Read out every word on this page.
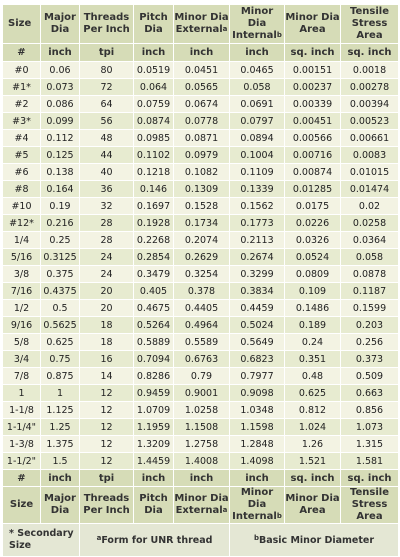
Size	Major Dia	Threads Per Inch	Pitch Dia	Minor Dia External$^a$	Minor Dia Internal$^b$	Minor Dia Area	Tensile Stress Area
#	inch	tpi	inch	inch	inch	sq. inch	sq. inch
#0	0.06	80	0.0519	0.0451	0.0465	0.00151	0.0018
#1*	0.073	72	0.064	0.0565	0.058	0.00237	0.00278
#2	0.086	64	0.0759	0.0674	0.0691	0.00339	0.00394
#3*	0.099	56	0.0874	0.0778	0.0797	0.00451	0.00523
#4	0.112	48	0.0985	0.0871	0.0894	0.00566	0.00661
#5	0.125	44	0.1102	0.0979	0.1004	0.00716	0.0083
#6	0.138	40	0.1218	0.1082	0.1109	0.00874	0.01015
#8	0.164	36	0.146	0.1309	0.1339	0.01285	0.01474
#10	0.19	32	0.1697	0.1528	0.1562	0.0175	0.02
#12*	0.216	28	0.1928	0.1734	0.1773	0.0226	0.0258
1/4	0.25	28	0.2268	0.2074	0.2113	0.0326	0.0364
5/16	0.3125	24	0.2854	0.2629	0.2674	0.0524	0.058
3/8	0.375	24	0.3479	0.3254	0.3299	0.0809	0.0878
7/16	0.4375	20	0.405	0.378	0.3834	0.109	0.1187
1/2	0.5	20	0.4675	0.4405	0.4459	0.1486	0.1599
9/16	0.5625	18	0.5264	0.4964	0.5024	0.189	0.203
5/8	0.625	18	0.5889	0.5589	0.5649	0.24	0.256
3/4	0.75	16	0.7094	0.6763	0.6823	0.351	0.373
7/8	0.875	14	0.8286	0.79	0.7977	0.48	0.509
1	1	12	0.9459	0.9001	0.9098	0.625	0.663
1-1/8	1.125	12	1.0709	1.0258	1.0348	0.812	0.856
1-1/4"	1.25	12	1.1959	1.1508	1.1598	1.024	1.073
1-3/8	1.375	12	1.3209	1.2758	1.2848	1.26	1.315
1-1/2"	1.5	12	1.4459	1.4008	1.4098	1.521	1.581
#	inch	tpi	inch	inch	inch	sq. inch	sq. inch
Size	Major Dia	Threads Per Inch	Pitch Dia	Minor Dia External$^a$	Minor Dia Internal$^b$	Minor Dia Area	Tensile Stress Area
* Secondary Size		$^a$Form for UNR thread			$^b$Basic Minor Diameter		
